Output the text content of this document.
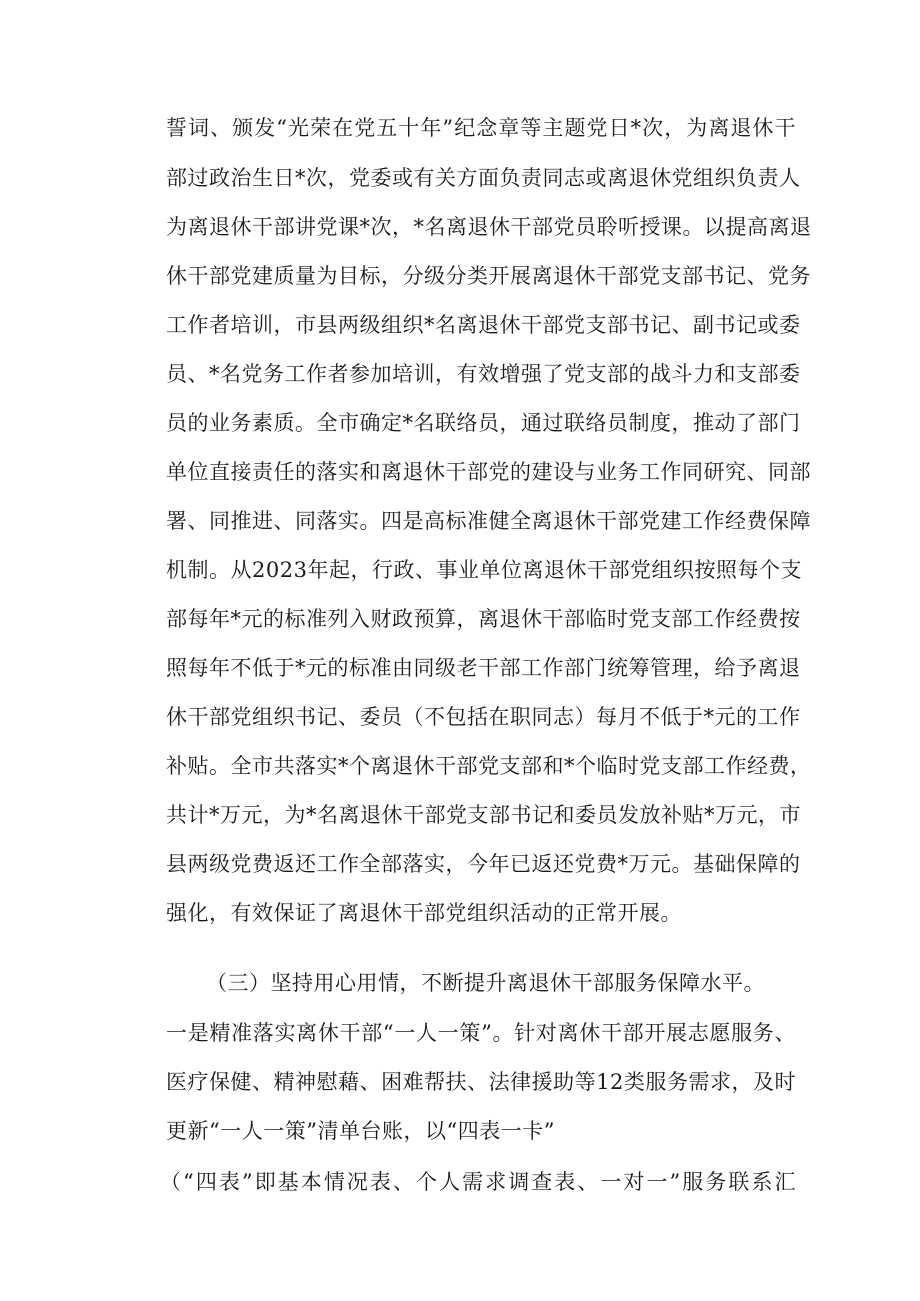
誓词、颁发“光荣在党五十年”纪念章等主题党日*次，为离退休干
部过政治生日*次，党委或有关方面负责同志或离退休党组织负责人
为离退休干部讲党课*次，*名离退休干部党员聆听授课。以提高离退
休干部党建质量为目标，分级分类开展离退休干部党支部书记、党务
工作者培训，市县两级组织*名离退休干部党支部书记、副书记或委
员、*名党务工作者参加培训，有效增强了党支部的战斗力和支部委
员的业务素质。全市确定*名联络员，通过联络员制度，推动了部门
单位直接责任的落实和离退休干部党的建设与业务工作同研究、同部
署、同推进、同落实。四是高标准健全离退休干部党建工作经费保障
机制。从2023年起，行政、事业单位离退休干部党组织按照每个支
部每年*元的标准列入财政预算，离退休干部临时党支部工作经费按
照每年不低于*元的标准由同级老干部工作部门统筹管理，给予离退
休干部党组织书记、委员（不包括在职同志）每月不低于*元的工作
补贴。全市共落实*个离退休干部党支部和*个临时党支部工作经费，
共计*万元，为*名离退休干部党支部书记和委员发放补贴*万元，市
县两级党费返还工作全部落实，今年已返还党费*万元。基础保障的
强化，有效保证了离退休干部党组织活动的正常开展。
（三）坚持用心用情，不断提升离退休干部服务保障水平。
一是精准落实离休干部“一人一策”。针对离休干部开展志愿服务、
医疗保健、精神慰藉、困难帮扶、法律援助等12类服务需求，及时
更新“一人一策”清单台账，以“四表一卡”
（“四表”即基本情况表、个人需求调查表、一对一”服务联系汇
